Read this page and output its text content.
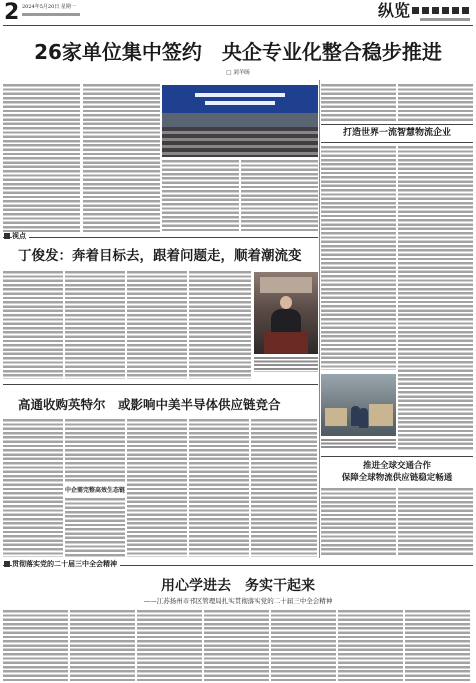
2 2024年5月20日 星期一	纵览
26家单位集中签约　央企专业化整合稳步推进
□ 刘羊旸
打造世界一流智慧物流企业
推进全球交通合作
保障全球物流供应链稳定畅通
视点
丁俊发：奔着目标去，跟着问题走，顺着潮流变
高通收购英特尔　或影响中美半导体供应链竞合
中企需完整高效生态链
贯彻落实党的二十届三中全会精神
用心学进去　务实干起来
——江苏扬州市邗区管理局扎实贯彻落实党的二十届三中全会精神
